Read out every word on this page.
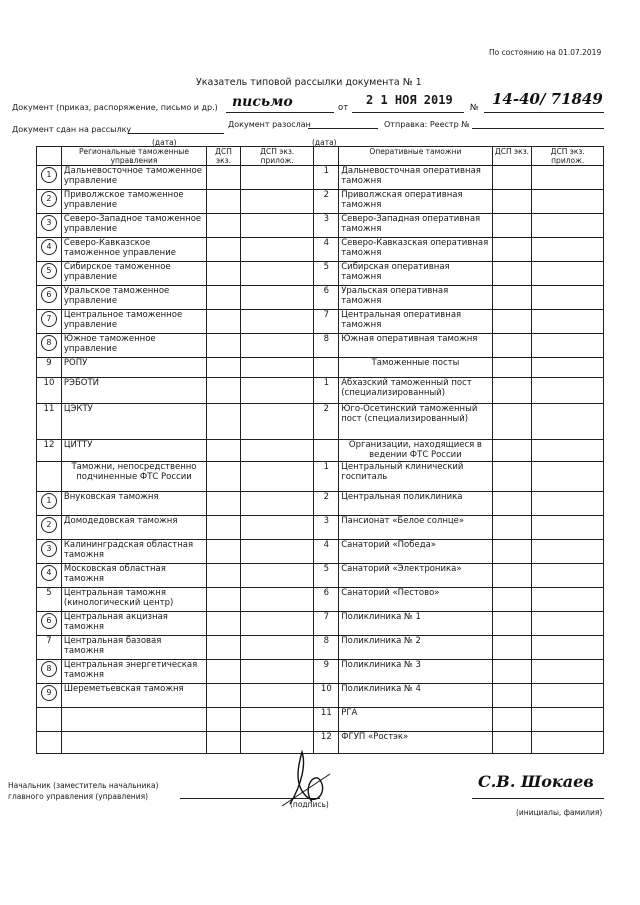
По состоянию на 01.07.2019
Указатель типовой рассылки документа № 1
Документ (приказ, распоряжение, письмо и др.) письмо	от
2 1 НОЯ 2019
№ 14-40/ 71849
Документ сдан на рассылку
Документ разослан	Отправка: Реестр №
(дата)	(дата)
	Региональные таможенные управления	ДСП экз.	ДСП экз. прилож.		Оперативные таможни	ДСП экз.	ДСП экз. прилож.
1	Дальневосточное таможенное управление			1	Дальневосточная оперативная таможня		
2	Приволжское таможенное управление			2	Приволжская оперативная таможня		
3	Северо-Западное таможенное управление			3	Северо-Западная оперативная таможня		
4	Северо-Кавказское таможенное управление			4	Северо-Кавказская оперативная таможня		
5	Сибирское таможенное управление			5	Сибирская оперативная таможня		
6	Уральское таможенное управление			6	Уральская оперативная таможня		
7	Центральное таможенное управление			7	Центральная оперативная таможня		
8	Южное таможенное управление			8	Южная оперативная таможня		
9	РОПУ				Таможенные посты		
10	РЭБОТИ			1	Абхазский таможенный пост (специализированный)		
11	ЦЭКТУ			2	Юго-Осетинский таможенный пост (специализированный)		
12	ЦИТТУ				Организации, находящиеся в ведении ФТС России		
	Таможни, непосредственно подчиненные ФТС России			1	Центральный клинический госпиталь		
1	Внуковская таможня			2	Центральная поликлиника		
2	Домодедовская таможня			3	Пансионат «Белое солнце»		
3	Калининградская областная таможня			4	Санаторий «Победа»		
4	Московская областная таможня			5	Санаторий «Электроника»		
5	Центральная таможня (кинологический центр)			6	Санаторий «Пестово»		
6	Центральная акцизная таможня			7	Поликлиника № 1		
7	Центральная базовая таможня			8	Поликлиника № 2		
8	Центральная энергетическая таможня			9	Поликлиника № 3		
9	Шереметьевская таможня			10	Поликлиника № 4		
				11	РГА		
				12	ФГУП «Ростэк»		
Начальник (заместитель начальника)
главного управления (управления)
(подпись)
С.В. Шокаев
(инициалы, фамилия)
